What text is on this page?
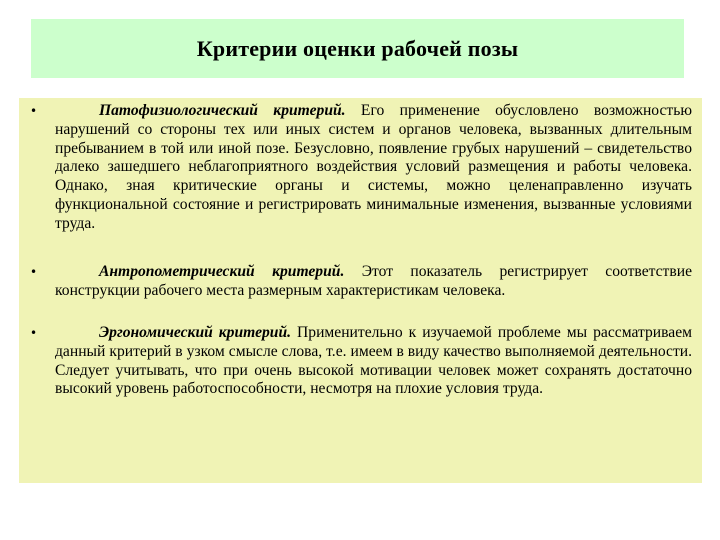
Критерии оценки рабочей позы
•	Патофизиологический критерий. Его применение обусловлено возможностью нарушений со стороны тех или иных систем и органов человека, вызванных длительным пребыванием в той или иной позе. Безусловно, появление грубых нарушений – свидетельство далеко зашедшего неблагоприятного воздействия условий размещения и работы человека. Однако, зная критические органы и системы, можно целенаправленно изучать функциональной состояние и регистрировать минимальные изменения, вызванные условиями труда.
•	Антропометрический критерий. Этот показатель регистрирует соответствие конструкции рабочего места размерным характеристикам человека.
•	Эргономический критерий. Применительно к изучаемой проблеме мы рассматриваем данный критерий в узком смысле слова, т.е. имеем в виду качество выполняемой деятельности. Следует учитывать, что при очень высокой мотивации человек может сохранять достаточно высокий уровень работоспособности, несмотря на плохие условия труда.
